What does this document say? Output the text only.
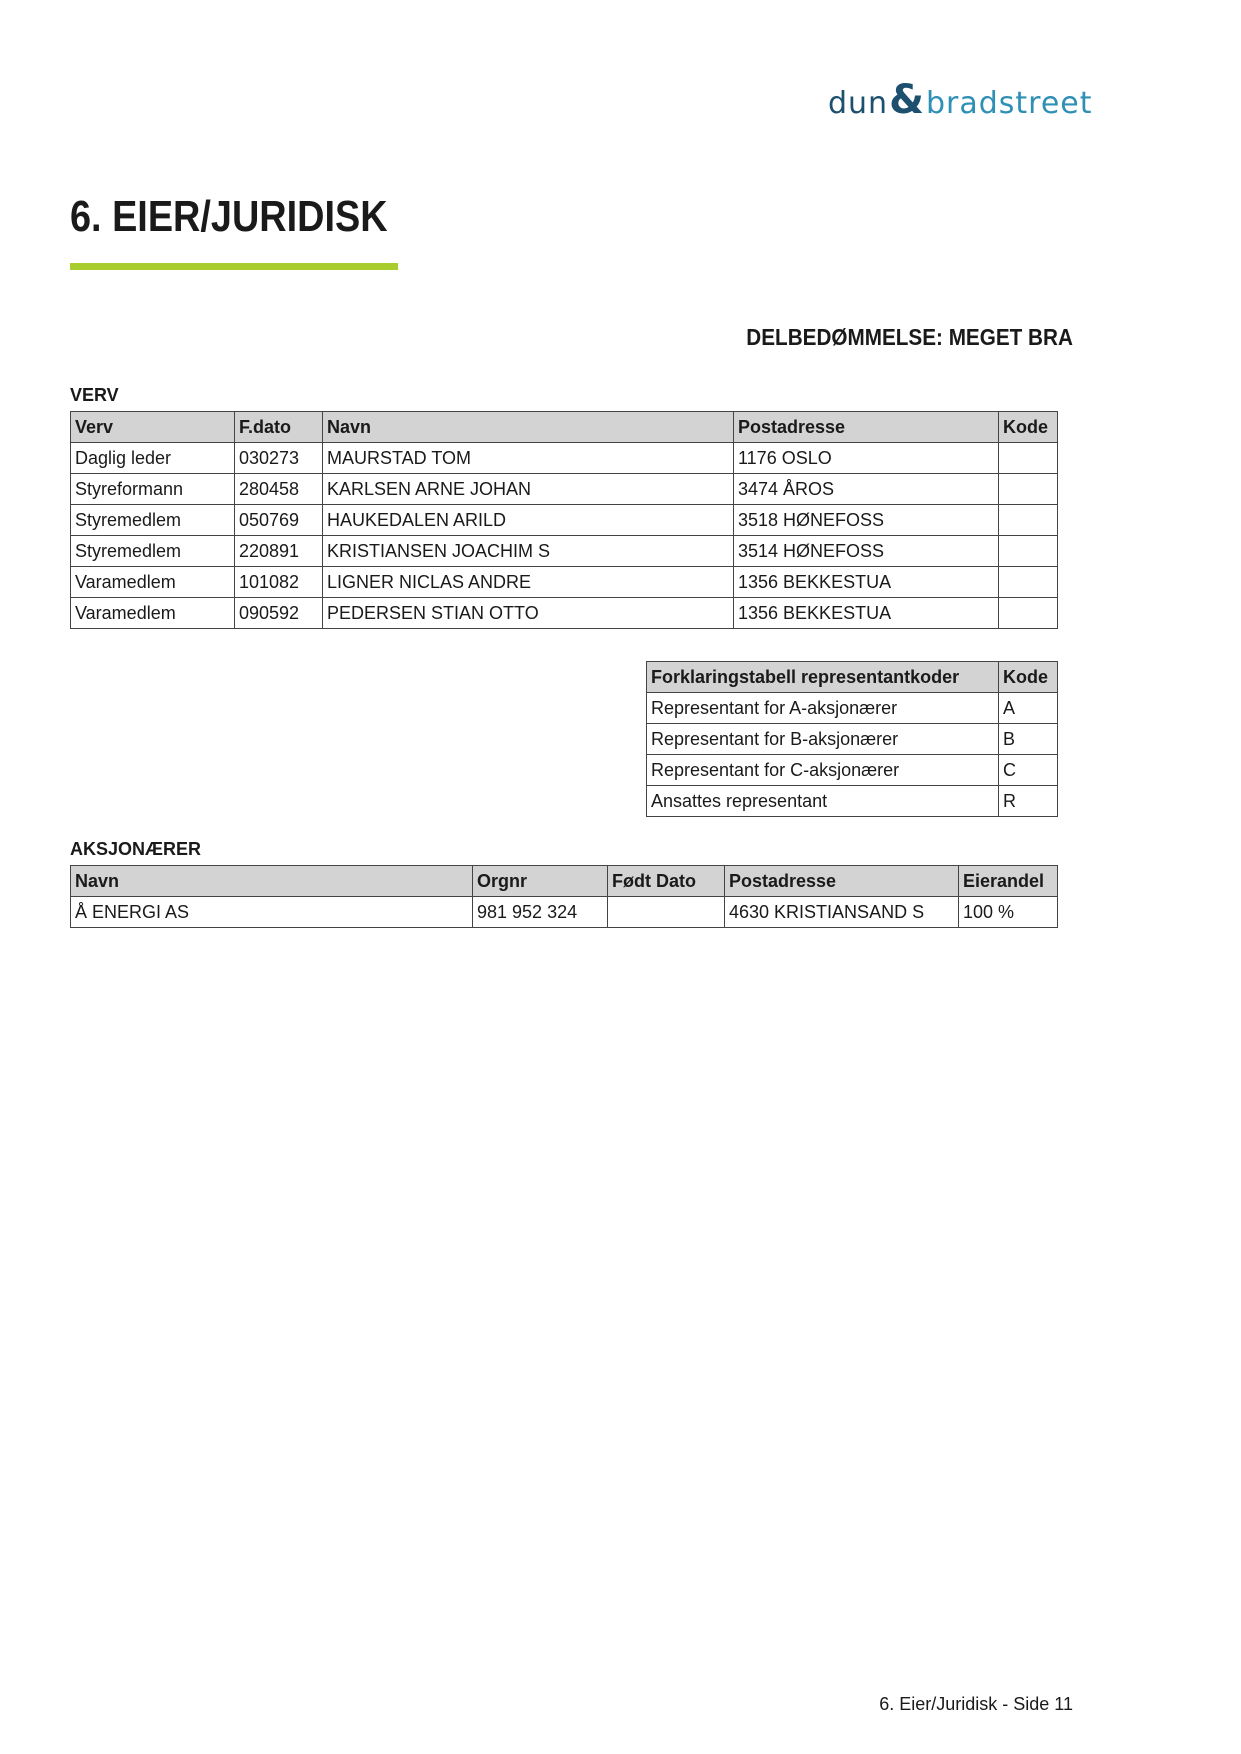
dun&bradstreet
6. EIER/JURIDISK
DELBEDØMMELSE: MEGET BRA
VERV
Verv	F.dato	Navn	Postadresse	Kode
Daglig leder	030273	MAURSTAD TOM	1176 OSLO	
Styreformann	280458	KARLSEN ARNE JOHAN	3474 ÅROS	
Styremedlem	050769	HAUKEDALEN ARILD	3518 HØNEFOSS	
Styremedlem	220891	KRISTIANSEN JOACHIM S	3514 HØNEFOSS	
Varamedlem	101082	LIGNER NICLAS ANDRE	1356 BEKKESTUA	
Varamedlem	090592	PEDERSEN STIAN OTTO	1356 BEKKESTUA	
Forklaringstabell representantkoder	Kode
Representant for A-aksjonærer	A
Representant for B-aksjonærer	B
Representant for C-aksjonærer	C
Ansattes representant	R
AKSJONÆRER
Navn	Orgnr	Født Dato	Postadresse	Eierandel
Å ENERGI AS	981 952 324		4630 KRISTIANSAND S	100 %
6. Eier/Juridisk - Side 11
